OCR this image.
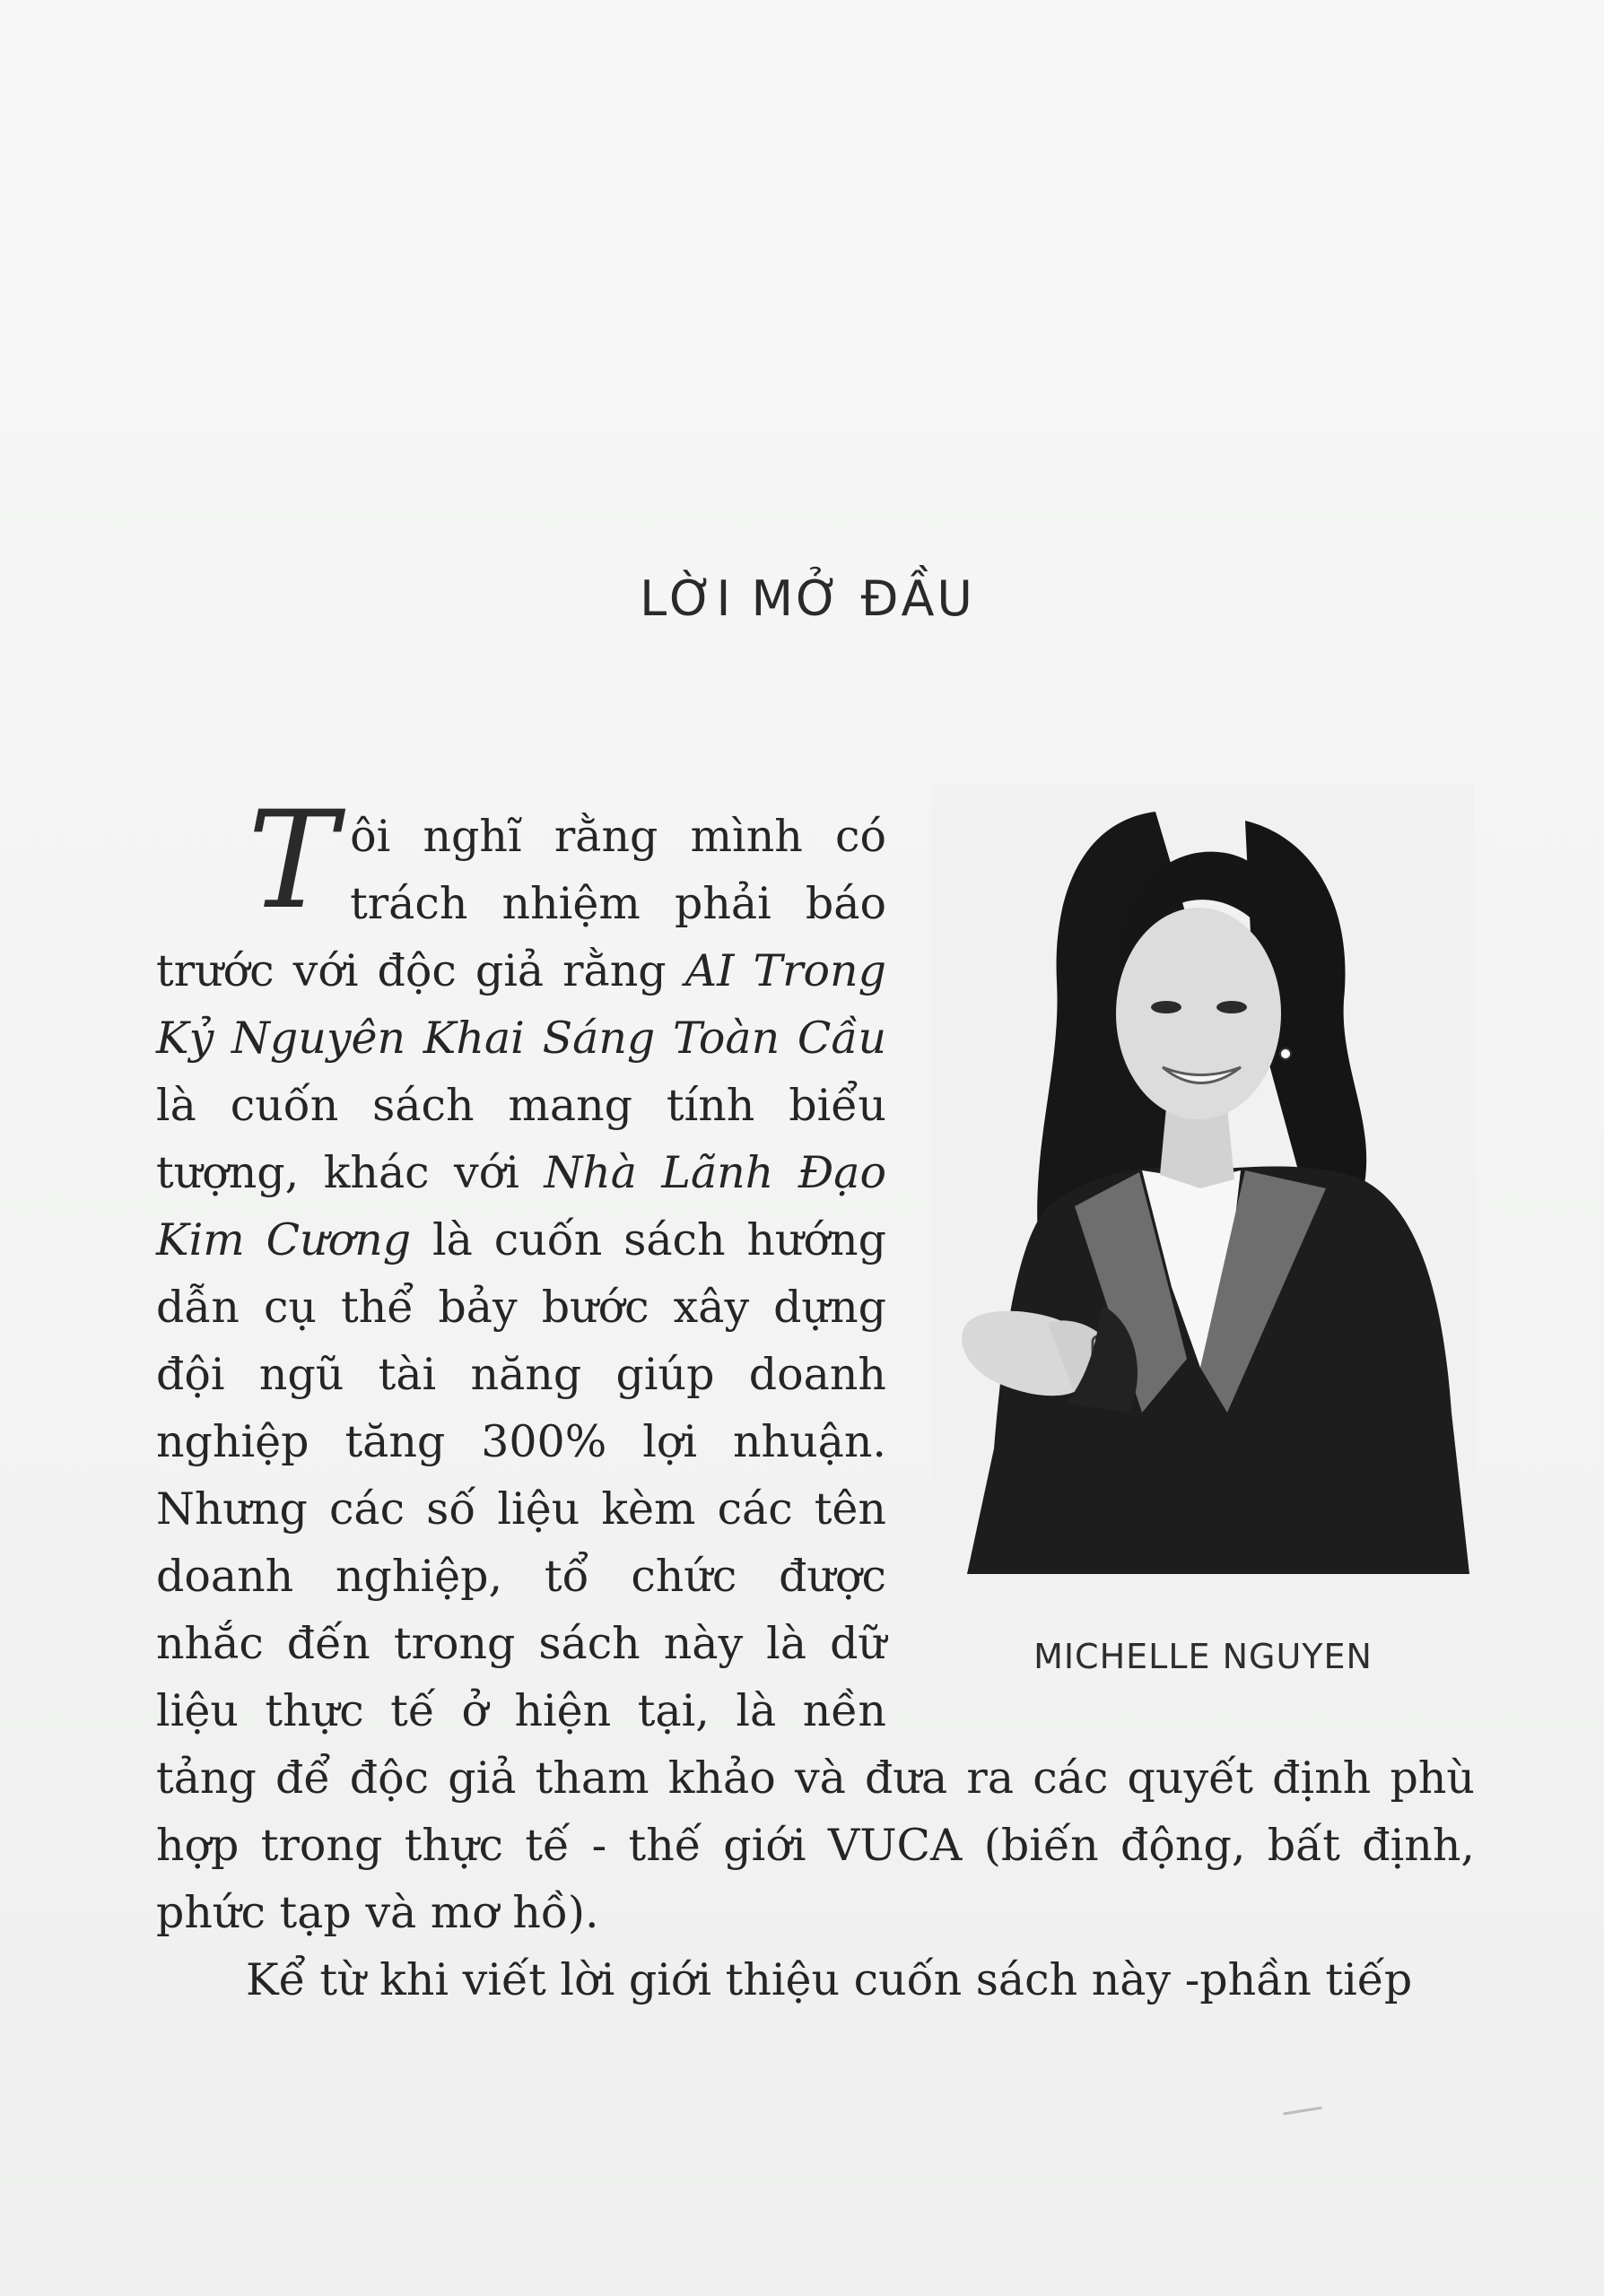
LỜI MỞ ĐẦU
MICHELLE NGUYEN

Tôi nghĩ rằng mình có trách nhiệm phải báo trước với độc giả rằng AI Trong Kỷ Nguyên Khai Sáng Toàn Cầu là cuốn sách mang tính biểu tượng, khác với Nhà Lãnh Đạo Kim Cương là cuốn sách hướng dẫn cụ thể bảy bước xây dựng đội ngũ tài năng giúp doanh nghiệp tăng 300% lợi nhuận. Nhưng các số liệu kèm các tên doanh nghiệp, tổ chức được nhắc đến trong sách này là dữ liệu thực tế ở hiện tại, là nền tảng để độc giả tham khảo và đưa ra các quyết định phù hợp trong thực tế - thế giới VUCA (biến động, bất định, phức tạp và mơ hồ).

Kể từ khi viết lời giới thiệu cuốn sách này -phần tiếp
